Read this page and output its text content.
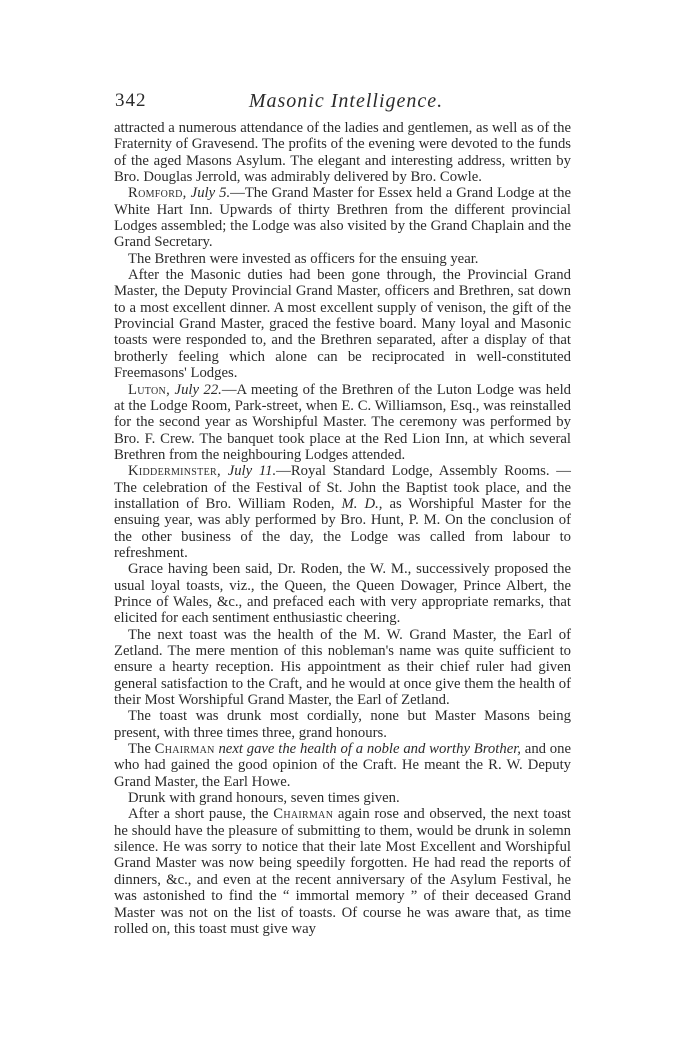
342	Masonic Intelligence.

attracted a numerous attendance of the ladies and gentlemen, as well as of the Fraternity of Gravesend. The profits of the evening were devoted to the funds of the aged Masons Asylum. The elegant and interesting address, written by Bro. Douglas Jerrold, was admirably delivered by Bro. Cowle.

Romford, July 5.—The Grand Master for Essex held a Grand Lodge at the White Hart Inn. Upwards of thirty Brethren from the different provincial Lodges assembled; the Lodge was also visited by the Grand Chaplain and the Grand Secretary.

The Brethren were invested as officers for the ensuing year.

After the Masonic duties had been gone through, the Provincial Grand Master, the Deputy Provincial Grand Master, officers and Brethren, sat down to a most excellent dinner. A most excellent supply of venison, the gift of the Provincial Grand Master, graced the festive board. Many loyal and Masonic toasts were responded to, and the Brethren separated, after a display of that brotherly feeling which alone can be reciprocated in well-constituted Freemasons' Lodges.

Luton, July 22.—A meeting of the Brethren of the Luton Lodge was held at the Lodge Room, Park-street, when E. C. Williamson, Esq., was reinstalled for the second year as Worshipful Master. The ceremony was performed by Bro. F. Crew. The banquet took place at the Red Lion Inn, at which several Brethren from the neighbouring Lodges attended.

Kidderminster, July 11.—Royal Standard Lodge, Assembly Rooms. —The celebration of the Festival of St. John the Baptist took place, and the installation of Bro. William Roden, M. D., as Worshipful Master for the ensuing year, was ably performed by Bro. Hunt, P. M. On the conclusion of the other business of the day, the Lodge was called from labour to refreshment.

Grace having been said, Dr. Roden, the W. M., successively proposed the usual loyal toasts, viz., the Queen, the Queen Dowager, Prince Albert, the Prince of Wales, &c., and prefaced each with very appropriate remarks, that elicited for each sentiment enthusiastic cheering.

The next toast was the health of the M. W. Grand Master, the Earl of Zetland. The mere mention of this nobleman's name was quite sufficient to ensure a hearty reception. His appointment as their chief ruler had given general satisfaction to the Craft, and he would at once give them the health of their Most Worshipful Grand Master, the Earl of Zetland.

The toast was drunk most cordially, none but Master Masons being present, with three times three, grand honours.

The Chairman next gave the health of a noble and worthy Brother, and one who had gained the good opinion of the Craft. He meant the R. W. Deputy Grand Master, the Earl Howe.

Drunk with grand honours, seven times given.

After a short pause, the Chairman again rose and observed, the next toast he should have the pleasure of submitting to them, would be drunk in solemn silence. He was sorry to notice that their late Most Excellent and Worshipful Grand Master was now being speedily forgotten. He had read the reports of dinners, &c., and even at the recent anniversary of the Asylum Festival, he was astonished to find the “ immortal memory ” of their deceased Grand Master was not on the list of toasts. Of course he was aware that, as time rolled on, this toast must give way
